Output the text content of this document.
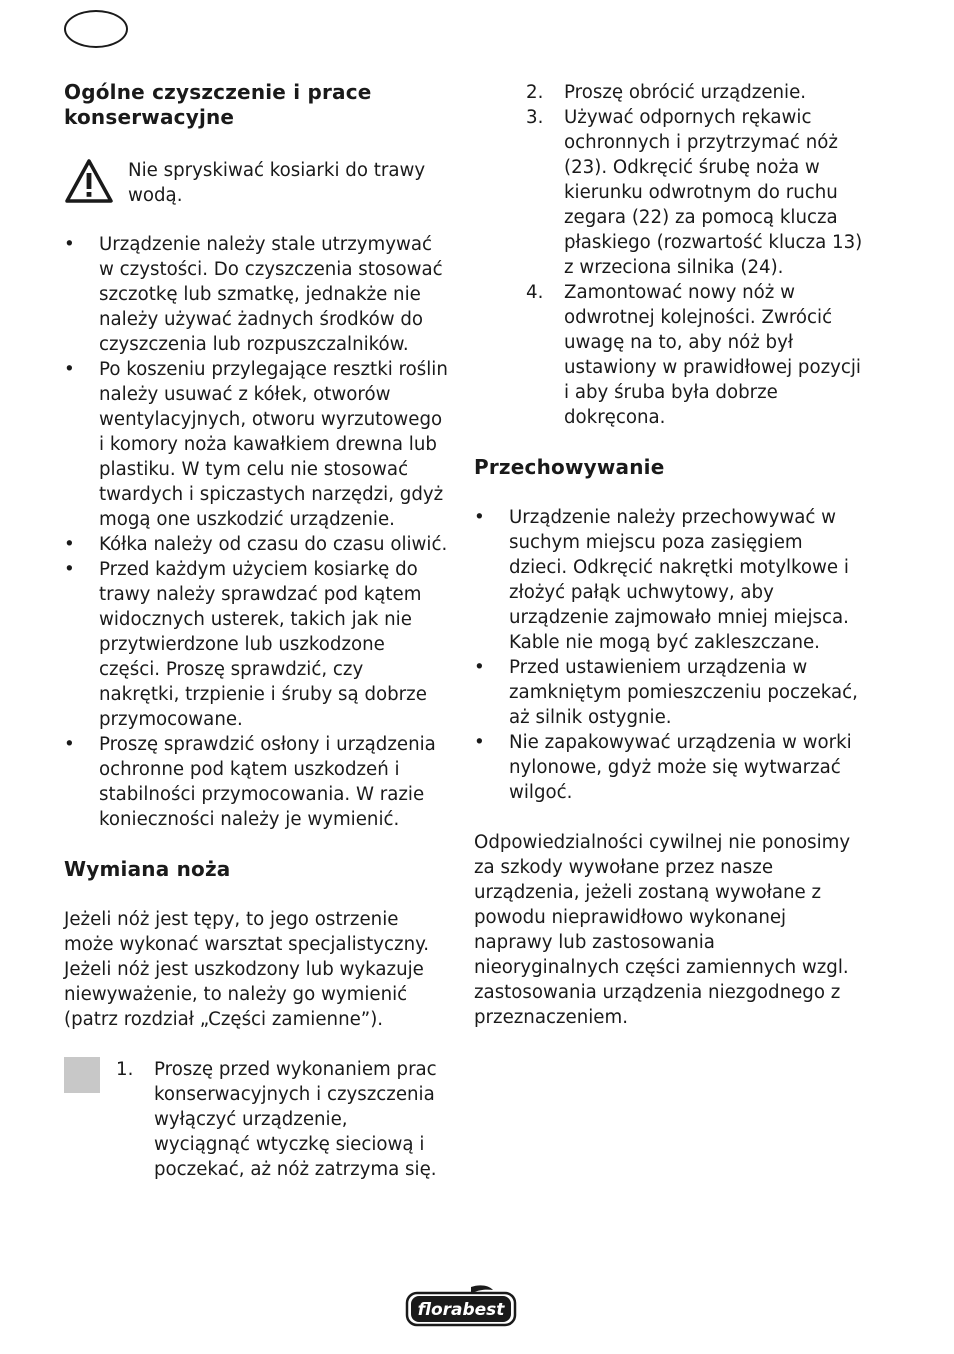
Ogólne czyszczenie i prace
konserwacyjne

Nie spryskiwać kosiarki do trawy wodą.

• Urządzenie należy stale utrzymywać w czystości. Do czyszczenia stosować szczotkę lub szmatkę, jednakże nie należy używać żadnych środków do czyszczenia lub rozpuszczalników.
• Po koszeniu przylegające resztki roślin należy usuwać z kółek, otworów wentylacyjnych, otworu wyrzutowego i komory noża kawałkiem drewna lub plastiku. W tym celu nie stosować twardych i spiczastych narzędzi, gdyż mogą one uszkodzić urządzenie.
• Kółka należy od czasu do czasu oliwić.
• Przed każdym użyciem kosiarkę do trawy należy sprawdzać pod kątem widocznych usterek, takich jak nie przytwierdzone lub uszkodzone części. Proszę sprawdzić, czy nakrętki, trzpienie i śruby są dobrze przymocowane.
• Proszę sprawdzić osłony i urządzenia ochronne pod kątem uszkodzeń i stabilności przymocowania. W razie konieczności należy je wymienić.
Wymiana noża

Jeżeli nóż jest tępy, to jego ostrzenie może wykonać warsztat specjalistyczny. Jeżeli nóż jest uszkodzony lub wykazuje niewyważenie, to należy go wymienić (patrz rozdział „Części zamienne”).

1. Proszę przed wykonaniem prac konserwacyjnych i czyszczenia wyłączyć urządzenie, wyciągnąć wtyczkę sieciową i poczekać, aż nóż zatrzyma się.
2. Proszę obrócić urządzenie.
3. Używać odpornych rękawic ochronnych i przytrzymać nóż (23). Odkręcić śrubę noża w kierunku odwrotnym do ruchu zegara (22) za pomocą klucza płaskiego (rozwartość klucza 13) z wrzeciona silnika (24).
4. Zamontować nowy nóż w odwrotnej kolejności. Zwrócić uwagę na to, aby nóż był ustawiony w prawidłowej pozycji i aby śruba była dobrze dokręcona.
Przechowywanie
• Urządzenie należy przechowywać w suchym miejscu poza zasięgiem dzieci. Odkręcić nakrętki motylkowe i złożyć pałąk uchwytowy, aby urządzenie zajmowało mniej miejsca. Kable nie mogą być zakleszczane.
• Przed ustawieniem urządzenia w zamkniętym pomieszczeniu poczekać, aż silnik ostygnie.
• Nie zapakowywać urządzenia w worki nylonowe, gdyż może się wytwarzać wilgoć.

Odpowiedzialności cywilnej nie ponosimy za szkody wywołane przez nasze urządzenia, jeżeli zostaną wywołane z powodu nieprawidłowo wykonanej naprawy lub zastosowania nieoryginalnych części zamiennych wzgl. zastosowania urządzenia niezgodnego z przeznaczeniem.

florabest
